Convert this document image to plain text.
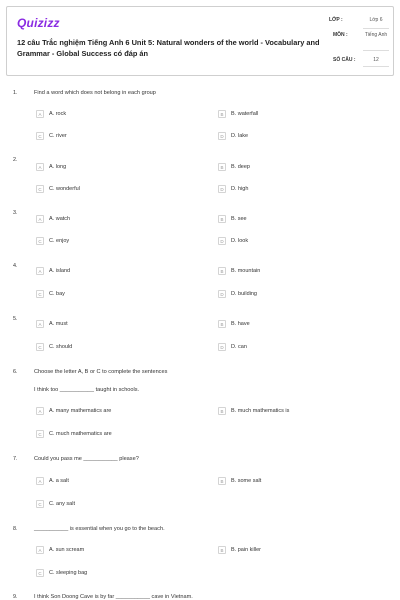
Quizizz
12 câu Trắc nghiệm Tiếng Anh 6 Unit 5: Natural wonders of the world - Vocabulary and Grammar - Global Success có đáp án
LỚP :	Lớp 6
MÔN :	Tiếng Anh
SỐ CÂU :	12
1.	Find a word which does not belong in each group
A	A. rock	B	B. waterfall
C	C. river	D	D. lake
2.
A	A. long	B	B. deep
C	C. wonderful	D	D. high
3.
A	A. watch	B	B. see
C	C. enjoy	D	D. look
4.
A	A. island	B	B. mountain
C	C. bay	D	D. building
5.
A	A. must	B	B. have
C	C. should	D	D. can
6.	Choose the letter A, B or C to complete the sentences
I think too ___________ taught in schools.
A	A. many mathematics are	B	B. much mathematics is
C	C. much mathematics are
7.	Could you pass me ___________ please?
A	A. a salt	B	B. some salt
C	C. any salt
8.	___________ is essential when you go to the beach.
A	A. sun scream	B	B. pain killer
C	C. sleeping bag
9.	I think Son Doong Cave is by far ___________ cave in Vietnam.
